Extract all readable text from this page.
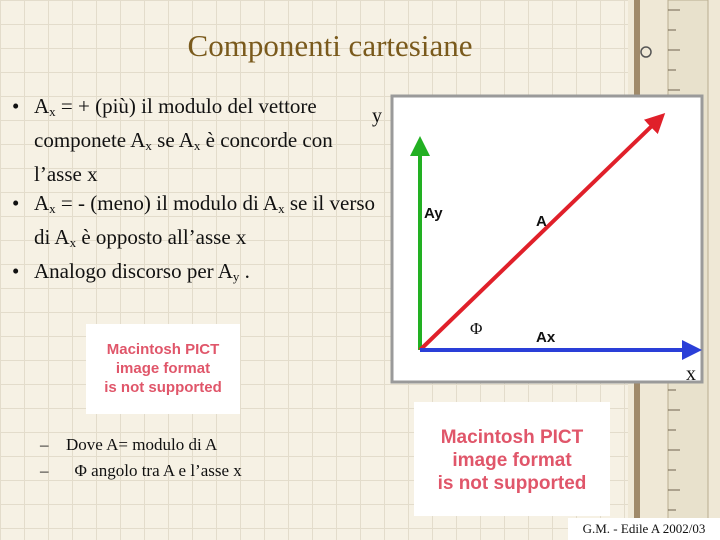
Componenti cartesiane
• $A_x$ = + (più) il modulo del vettore componete $A_x$ se $A_x$ è concorde con l’asse x
• $A_x$ = - (meno) il modulo di $A_x$ se il verso di $A_x$ è opposto all’asse x
• Analogo discorso per $A_y$ .
Macintosh PICT
image format
is not supported
Macintosh PICT
image format
is not supported
– Dove A= modulo di A
–   Φ angolo tra A e l’asse x
y
x
Ay	A
Ax
Φ
G.M. - Edile A 2002/03
